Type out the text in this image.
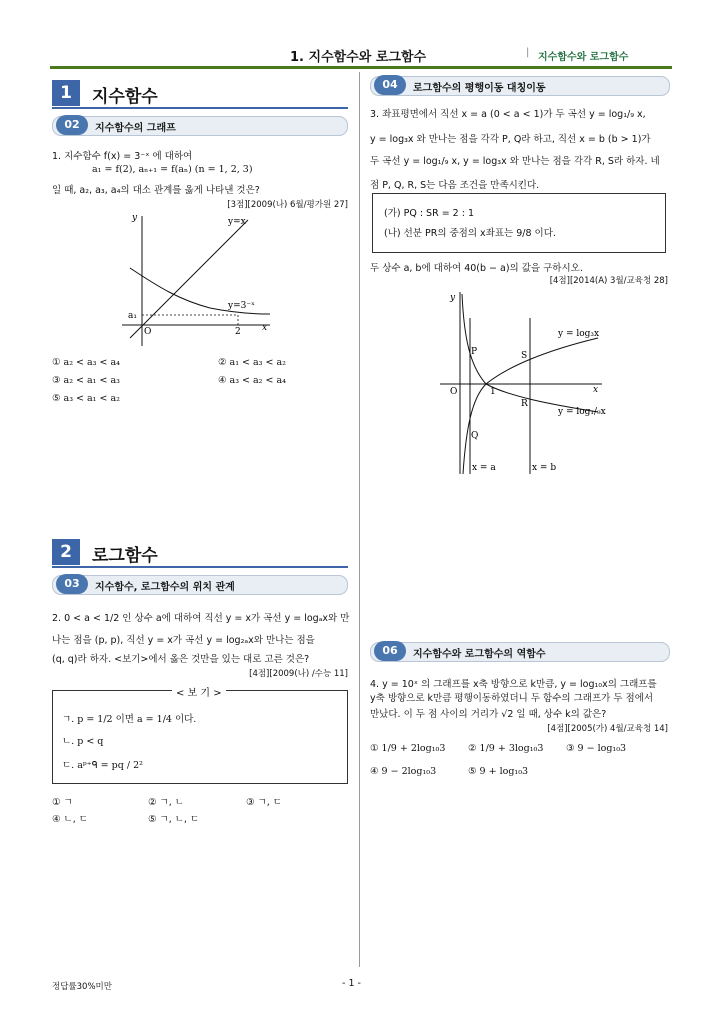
1. 지수함수와 로그함수	| 지수함수와 로그함수
1	지수함수
02	지수함수의 그래프
1. 지수함수 f(x) = 3⁻ˣ 에 대하여
a₁ = f(2), aₙ₊₁ = f(aₙ) (n = 1, 2, 3)
일 때, a₂, a₃, a₄의 대소 관계를 옳게 나타낸 것은?
[3점][2009(나) 6월/평가원 27]
y
x
O
a₁
2
y=x
y=3⁻ˣ
① a₂ < a₃ < a₄	② a₁ < a₃ < a₂
③ a₂ < a₁ < a₃	④ a₃ < a₂ < a₄
⑤ a₃ < a₁ < a₂
2	로그함수
03	지수함수, 로그함수의 위치 관계
2. 0 < a < 1/2 인 상수 a에 대하여 직선 y = x가 곡선 y = logₐx와 만
나는 점을 (p, p), 직선 y = x가 곡선 y = log₂ₐx와 만나는 점을
(q, q)라 하자. <보기>에서 옳은 것만을 있는 대로 고른 것은?
[4점][2009(나) /수능 11]
< 보 기 >
ㄱ. p = 1/2 이면 a = 1/4 이다.
ㄴ. p < q
ㄷ. aᵖ⁺ᑫ = pq / 2²
① ㄱ	② ㄱ, ㄴ	③ ㄱ, ㄷ
④ ㄴ, ㄷ	⑤ ㄱ, ㄴ, ㄷ
04	로그함수의 평행이동 대칭이동
3. 좌표평면에서 직선 x = a (0 < a < 1)가 두 곡선 y = log₁/₉ x,
y = log₃x 와 만나는 점을 각각 P, Q라 하고, 직선 x = b (b > 1)가
두 곡선 y = log₁/₉ x, y = log₃x 와 만나는 점을 각각 R, S라 하자. 네
점 P, Q, R, S는 다음 조건을 만족시킨다.
(가) PQ : SR = 2 : 1
(나) 선분 PR의 중점의 x좌표는 9/8 이다.
두 상수 a, b에 대하여 40(b − a)의 값을 구하시오.
[4점][2014(A) 3월/교육청 28]
y
x
O	1
P
Q
R
S
y = log₃x
y = log₁/₉x
x = a	x = b
06	지수함수와 로그함수의 역함수
4. y = 10ˣ 의 그래프를 x축 방향으로 k만큼, y = log₁₀x의 그래프를
y축 방향으로 k만큼 평행이동하였더니 두 함수의 그래프가 두 점에서
만났다. 이 두 점 사이의 거리가 √2 일 때, 상수 k의 값은?
[4점][2005(가) 4월/교육청 14]
① 1/9 + 2log₁₀3 ② 1/9 + 3log₁₀3 ③ 9 − log₁₀3
④ 9 − 2log₁₀3	⑤ 9 + log₁₀3
정답률30%미만	- 1 -
